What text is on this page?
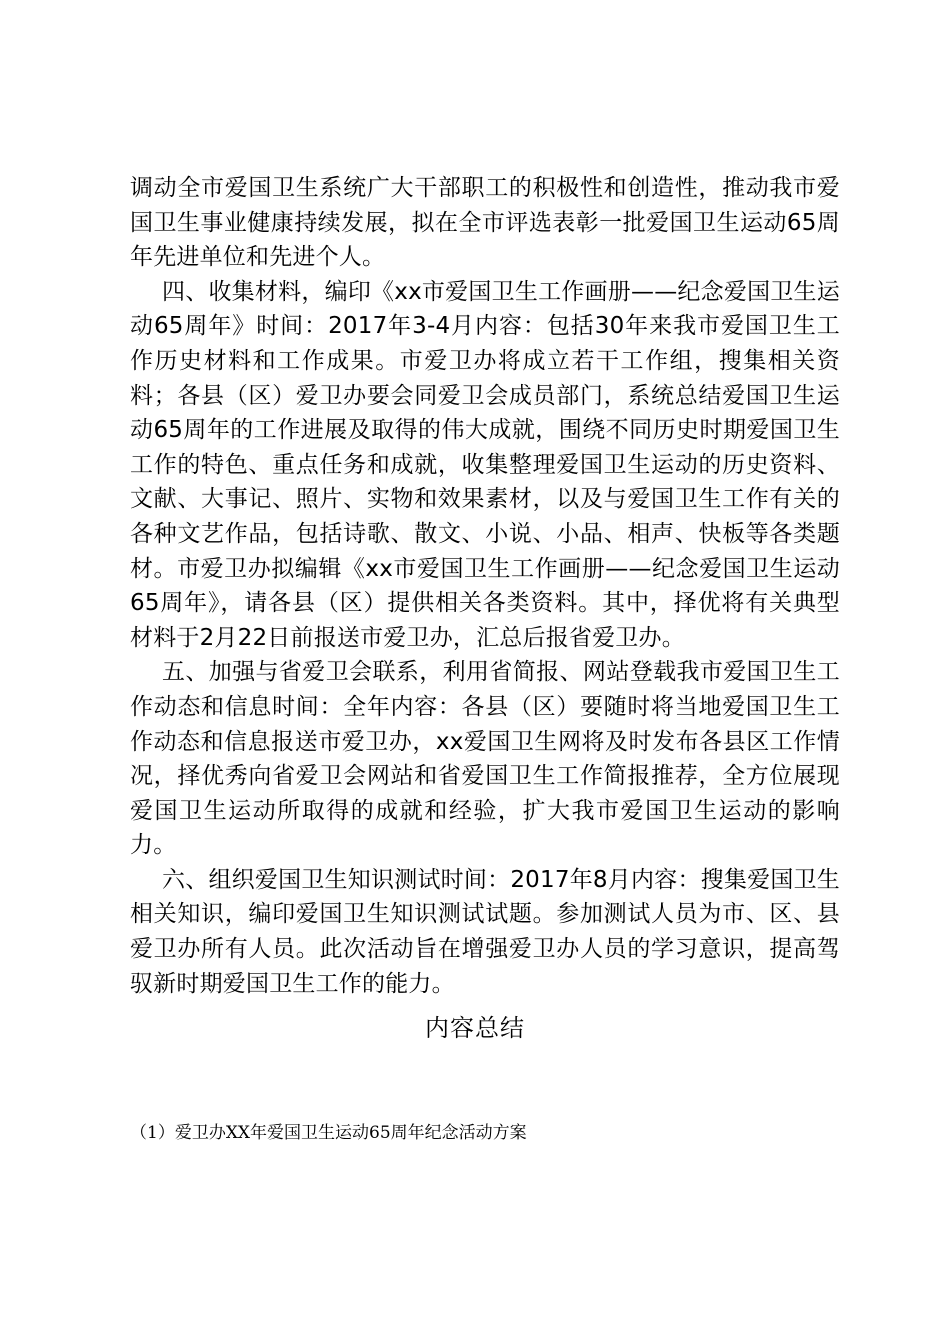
调动全市爱国卫生系统广大干部职工的积极性和创造性，推动我市爱国卫生事业健康持续发展，拟在全市评选表彰一批爱国卫生运动65周年先进单位和先进个人。

四、收集材料，编印《xx市爱国卫生工作画册——纪念爱国卫生运动65周年》时间：2017年3-4月内容：包括30年来我市爱国卫生工作历史材料和工作成果。市爱卫办将成立若干工作组，搜集相关资料；各县（区）爱卫办要会同爱卫会成员部门，系统总结爱国卫生运动65周年的工作进展及取得的伟大成就，围绕不同历史时期爱国卫生工作的特色、重点任务和成就，收集整理爱国卫生运动的历史资料、文献、大事记、照片、实物和效果素材，以及与爱国卫生工作有关的各种文艺作品，包括诗歌、散文、小说、小品、相声、快板等各类题材。市爱卫办拟编辑《xx市爱国卫生工作画册——纪念爱国卫生运动65周年》，请各县（区）提供相关各类资料。其中，择优将有关典型材料于2月22日前报送市爱卫办，汇总后报省爱卫办。

五、加强与省爱卫会联系，利用省简报、网站登载我市爱国卫生工作动态和信息时间：全年内容：各县（区）要随时将当地爱国卫生工作动态和信息报送市爱卫办，xx爱国卫生网将及时发布各县区工作情况，择优秀向省爱卫会网站和省爱国卫生工作简报推荐，全方位展现爱国卫生运动所取得的成就和经验，扩大我市爱国卫生运动的影响力。

六、组织爱国卫生知识测试时间：2017年8月内容：搜集爱国卫生相关知识，编印爱国卫生知识测试试题。参加测试人员为市、区、县爱卫办所有人员。此次活动旨在增强爱卫办人员的学习意识，提高驾驭新时期爱国卫生工作的能力。

内容总结
（1）爱卫办XX年爱国卫生运动65周年纪念活动方案
